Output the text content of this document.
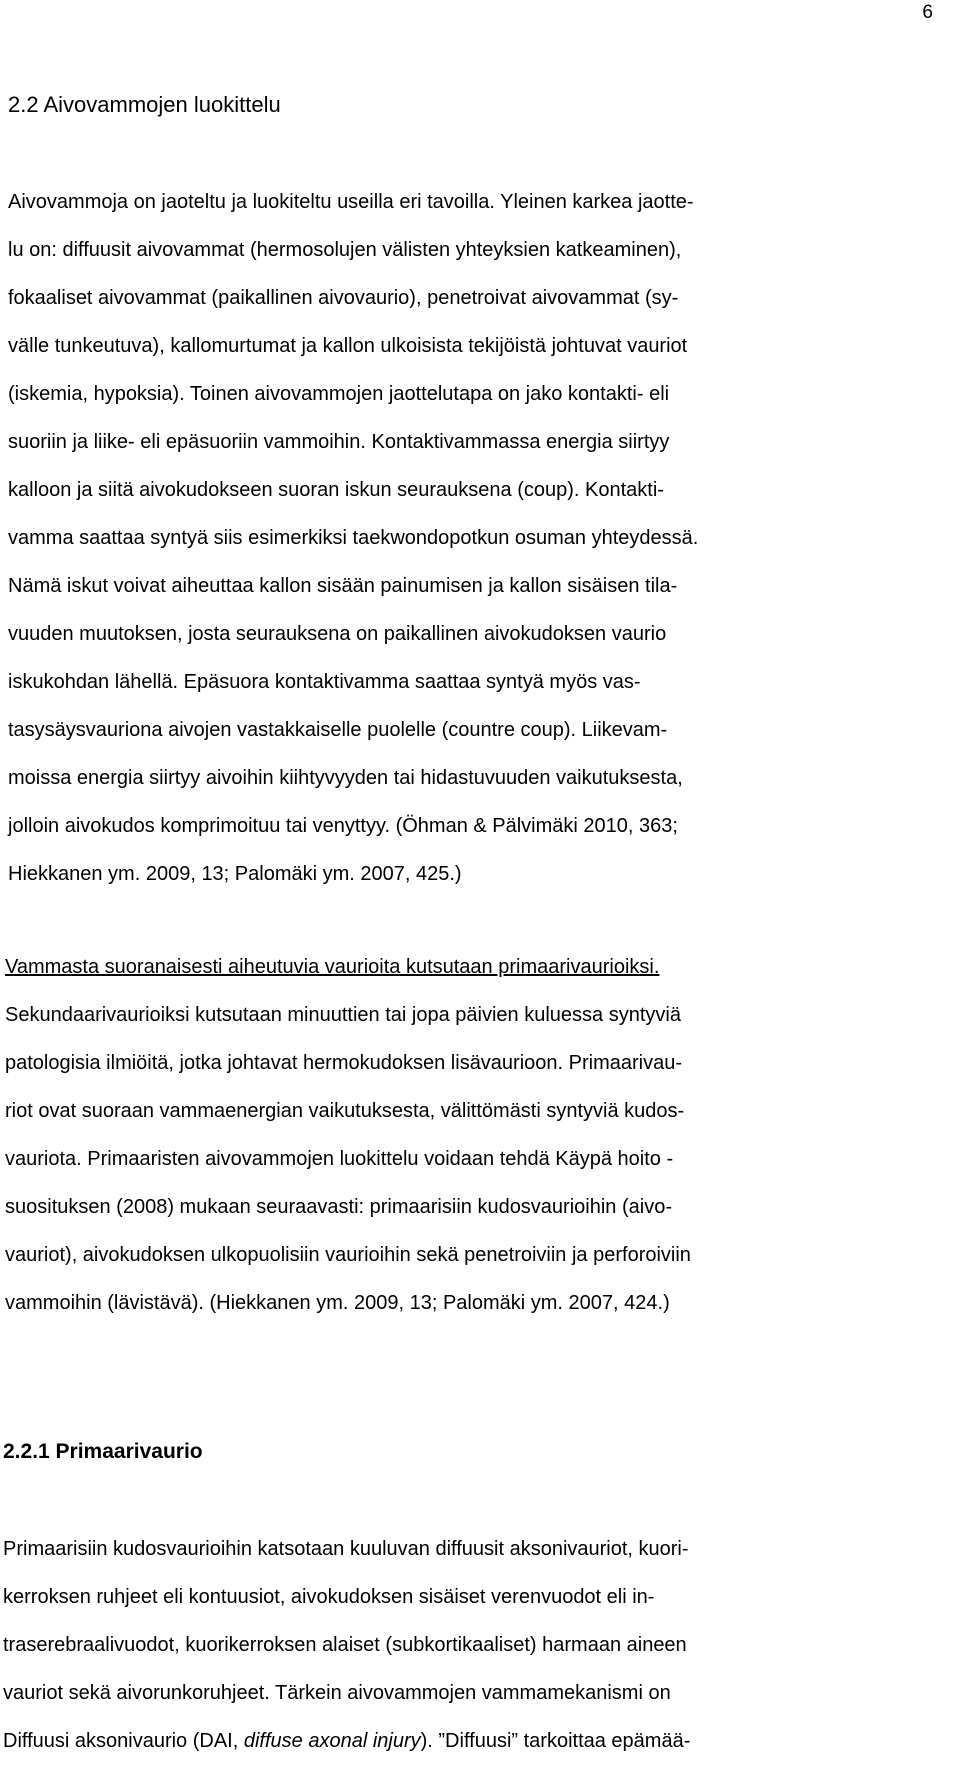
6
2.2 Aivovammojen luokittelu
Aivovammoja on jaoteltu ja luokiteltu useilla eri tavoilla. Yleinen karkea jaotte-
lu on: diffuusit aivovammat (hermosolujen välisten yhteyksien katkeaminen),
fokaaliset aivovammat (paikallinen aivovaurio), penetroivat aivovammat (sy-
välle tunkeutuva), kallomurtumat ja kallon ulkoisista tekijöistä johtuvat vauriot
(iskemia, hypoksia). Toinen aivovammojen jaottelutapa on jako kontakti- eli
suoriin ja liike- eli epäsuoriin vammoihin. Kontaktivammassa energia siirtyy
kalloon ja siitä aivokudokseen suoran iskun seurauksena (coup). Kontakti-
vamma saattaa syntyä siis esimerkiksi taekwondopotkun osuman yhteydessä.
Nämä iskut voivat aiheuttaa kallon sisään painumisen ja kallon sisäisen tila-
vuuden muutoksen, josta seurauksena on paikallinen aivokudoksen vaurio
iskukohdan lähellä. Epäsuora kontaktivamma saattaa syntyä myös vas-
tasysäysvauriona aivojen vastakkaiselle puolelle (countre coup). Liikevam-
moissa energia siirtyy aivoihin kiihtyvyyden tai hidastuvuuden vaikutuksesta,
jolloin aivokudos komprimoituu tai venyttyy. (Öhman & Pälvimäki 2010, 363;
Hiekkanen ym. 2009, 13; Palomäki ym. 2007, 425.)
Vammasta suoranaisesti aiheutuvia vaurioita kutsutaan primaarivaurioiksi.
Sekundaarivaurioiksi kutsutaan minuuttien tai jopa päivien kuluessa syntyviä
patologisia ilmiöitä, jotka johtavat hermokudoksen lisävaurioon. Primaarivau-
riot ovat suoraan vammaenergian vaikutuksesta, välittömästi syntyviä kudos-
vauriota. Primaaristen aivovammojen luokittelu voidaan tehdä Käypä hoito -
suosituksen (2008) mukaan seuraavasti: primaarisiin kudosvaurioihin (aivo-
vauriot), aivokudoksen ulkopuolisiin vaurioihin sekä penetroiviin ja perforoiviin
vammoihin (lävistävä). (Hiekkanen ym. 2009, 13; Palomäki ym. 2007, 424.)
2.2.1 Primaarivaurio
Primaarisiin kudosvaurioihin katsotaan kuuluvan diffuusit aksonivauriot, kuori-
kerroksen ruhjeet eli kontuusiot, aivokudoksen sisäiset verenvuodot eli in-
traserebraalivuodot, kuorikerroksen alaiset (subkortikaaliset) harmaan aineen
vauriot sekä aivorunkoruhjeet. Tärkein aivovammojen vammamekanismi on
Diffuusi aksonivaurio (DAI, diffuse axonal injury). ”Diffuusi” tarkoittaa epämää-
